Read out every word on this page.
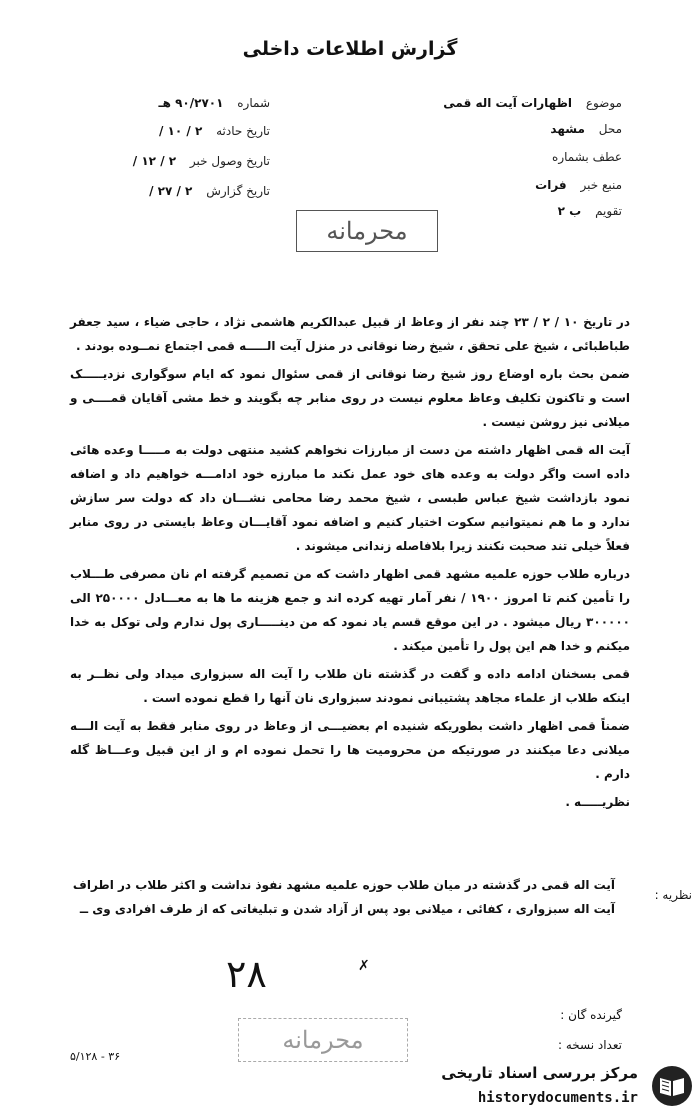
گزارش اطلاعات داخلی
موضوع اظهارات آیت اله قمی
محل مشهد
عطف بشماره
منبع خبر فرات
تقویم ب ۲
شماره ۹۰/۲۷۰۱ هـ
تاریخ حادثه ۲ / ۱۰ /
تاریخ وصول خبر ۲ / ۱۲ /
تاریخ گزارش ۲ / ۲۷ /
محرمانه

در تاریخ ۱۰ / ۲ / ۲۳ چند نفر از وعاظ از قبیل عبدالکریم هاشمی نژاد ، حاجی ضیاء ، سید جعفر طباطبائی ، شیخ علی تحقق ، شیخ رضا نوقانی در منزل آیت الـــــه قمی اجتماع نمــوده بودند .

ضمن بحث باره اوضاع روز شیخ رضا نوقانی از قمی سئوال نمود که ایام سوگواری نزدیـــــک است و تاکنون تکلیف وعاظ معلوم نیست در روی منابر چه بگویند و خط مشی آقایان قمــــی و میلانی نیز روشن نیست .

آیت اله قمی اظهار داشته من دست از مبارزات نخواهم کشید منتهی دولت به مـــــا وعده هائی داده است واگر دولت به وعده های خود عمل نکند ما مبارزه خود ادامـــه خواهیم داد و اضافه نمود بازداشت شیخ عباس طبسی ، شیخ محمد رضا محامی نشـــان داد که دولت سر سازش ندارد و ما هم نمیتوانیم سکوت اختیار کنیم و اضافه نمود آقایـــان وعاظ بایستی در روی منابر فعلاً خیلی تند صحبت نکنند زیرا بلافاصله زندانی میشوند .

درباره طلاب حوزه علمیه مشهد قمی اظهار داشت که من تصمیم گرفته ام نان مصرفی طـــلاب را تأمین کنم تا امروز ۱۹۰۰ / نفر آمار تهیه کرده اند و جمع هزینه ما ها به معـــادل ۲۵۰۰۰۰ الی ۳۰۰۰۰۰ ریال میشود . در این موقع قسم یاد نمود که من دینـــــاری پول ندارم ولی توکل به خدا میکنم و خدا هم این پول را تأمین میکند .

قمی بسخنان ادامه داده و گفت در گذشته نان طلاب را آیت اله سبزواری میداد ولی نظــر به اینکه طلاب از علماء مجاهد پشتیبانی نمودند سبزواری نان آنها را قطع نموده است .

ضمناً قمی اظهار داشت بطوریکه شنیده ام بعضیـــی از وعاظ در روی منابر فقط به آیت الـــه میلانی دعا میکنند در صورتیکه من محرومیت ها را تحمل نموده ام و از این قبیل وعـــاظ گله دارم .

نظریـــــه .

نظریه :
آیت اله قمی در گذشته در میان طلاب حوزه علمیه مشهد نفوذ نداشت و اکثر طلاب در اطراف آیت اله سبزواری ، کفائی ، میلانی بود پس از آزاد شدن و تبلیغاتی که از طرف افرادی وی ــ
۲۸	✗
گیرنده گان :
تعداد نسخه :
محرمانه
۵/۱۲۸ - ۳۶
مرکز بررسی اسناد تاریخی
historydocuments.ir
